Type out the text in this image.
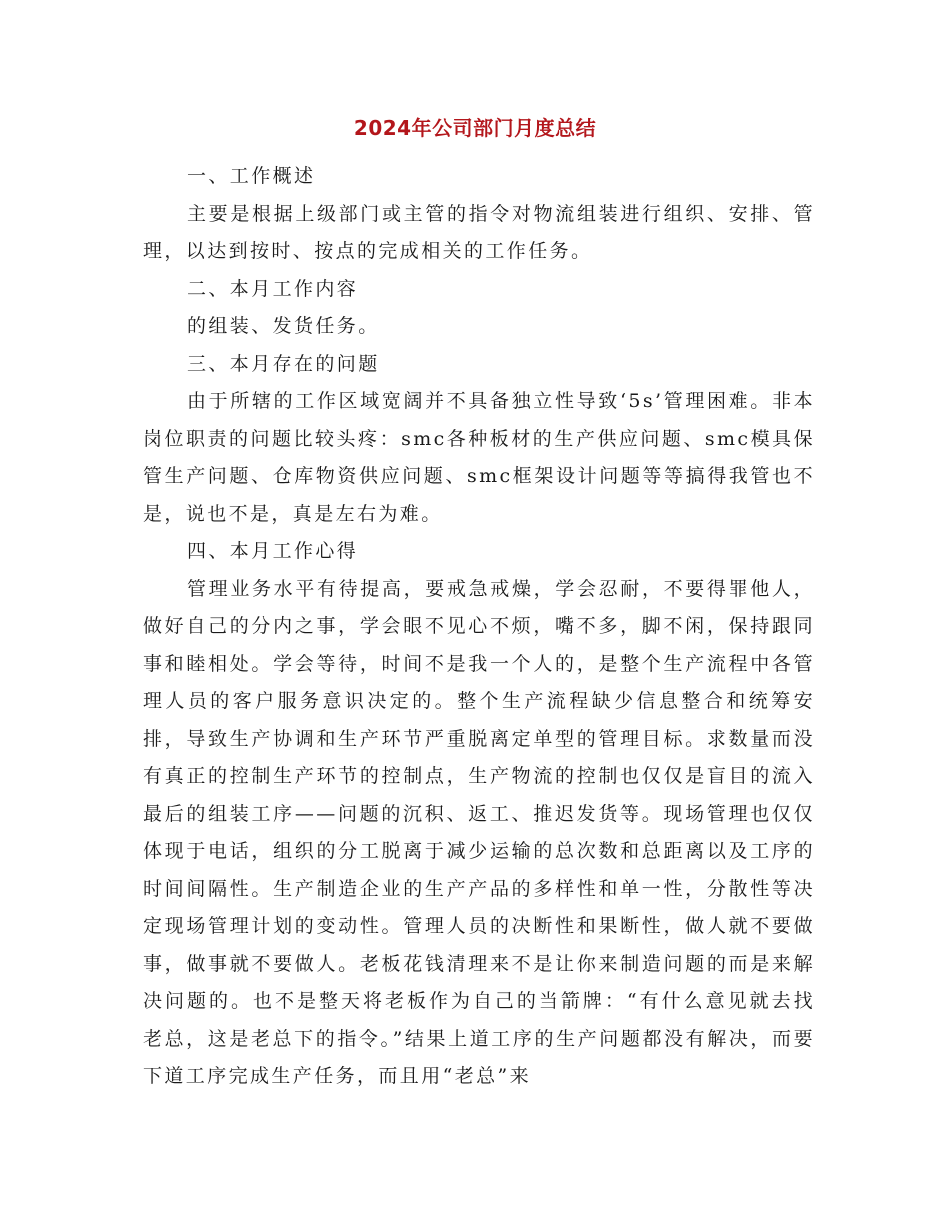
2024年公司部门月度总结

一、工作概述

主要是根据上级部门或主管的指令对物流组装进行组织、安排、管理，以达到按时、按点的完成相关的工作任务。

二、本月工作内容

的组装、发货任务。

三、本月存在的问题

由于所辖的工作区域宽阔并不具备独立性导致‘5s’管理困难。非本岗位职责的问题比较头疼：smc各种板材的生产供应问题、smc模具保管生产问题、仓库物资供应问题、smc框架设计问题等等搞得我管也不是，说也不是，真是左右为难。

四、本月工作心得

管理业务水平有待提高，要戒急戒燥，学会忍耐，不要得罪他人，做好自己的分内之事，学会眼不见心不烦，嘴不多，脚不闲，保持跟同事和睦相处。学会等待，时间不是我一个人的，是整个生产流程中各管理人员的客户服务意识决定的。整个生产流程缺少信息整合和统筹安排，导致生产协调和生产环节严重脱离定单型的管理目标。求数量而没有真正的控制生产环节的控制点，生产物流的控制也仅仅是盲目的流入最后的组装工序——问题的沉积、返工、推迟发货等。现场管理也仅仅体现于电话，组织的分工脱离于减少运输的总次数和总距离以及工序的时间间隔性。生产制造企业的生产产品的多样性和单一性，分散性等决定现场管理计划的变动性。管理人员的决断性和果断性，做人就不要做事，做事就不要做人。老板花钱清理来不是让你来制造问题的而是来解决问题的。也不是整天将老板作为自己的当箭牌：“有什么意见就去找老总，这是老总下的指令。”结果上道工序的生产问题都没有解决，而要下道工序完成生产任务，而且用“老总”来
